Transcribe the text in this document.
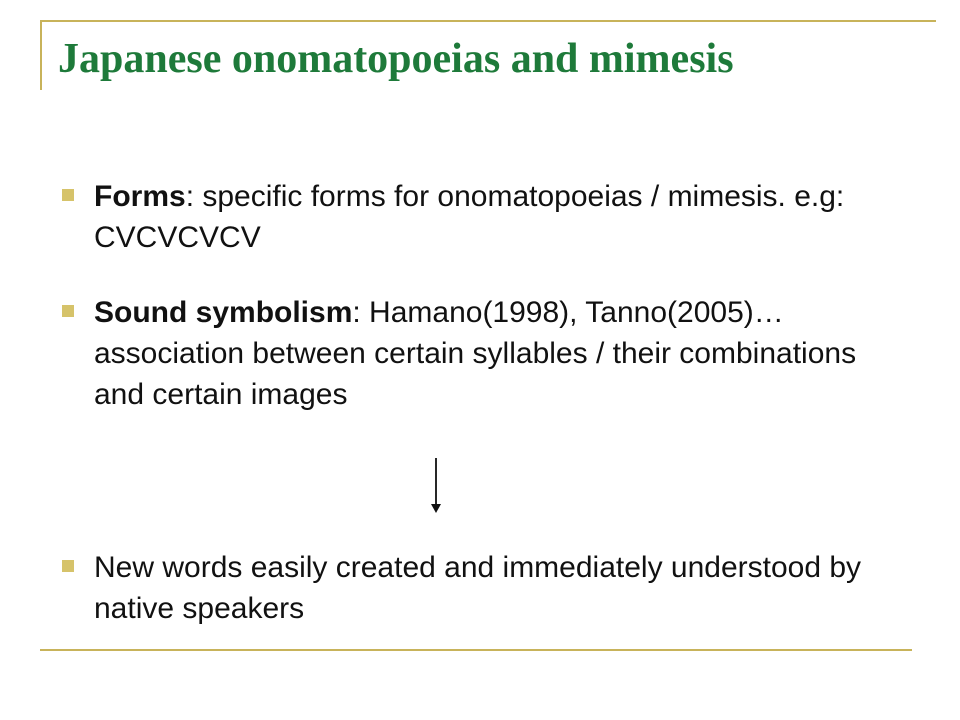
Japanese onomatopoeias and mimesis
Forms: specific forms for onomatopoeias / mimesis. e.g: CVCVCVCV
Sound symbolism: Hamano(1998), Tanno(2005)…association between certain syllables / their combinations and certain images
New words easily created and immediately understood by native speakers
